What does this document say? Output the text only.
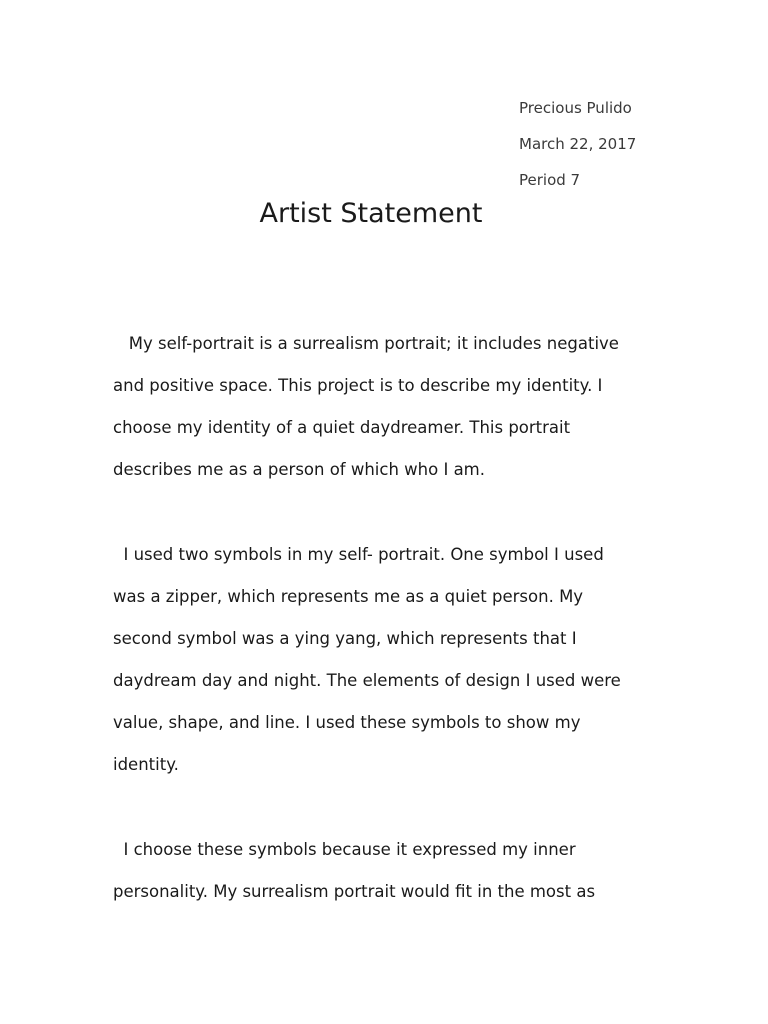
Precious Pulido
March 22, 2017
Period 7
Artist Statement
My self-portrait is a surrealism portrait; it includes negative
and positive space. This project is to describe my identity. I
choose my identity of a quiet daydreamer. This portrait
describes me as a person of which who I am.
I used two symbols in my self- portrait. One symbol I used
was a zipper, which represents me as a quiet person. My
second symbol was a ying yang, which represents that I
daydream day and night. The elements of design I used were
value, shape, and line. I used these symbols to show my
identity.
I choose these symbols because it expressed my inner
personality. My surrealism portrait would fit in the most as
